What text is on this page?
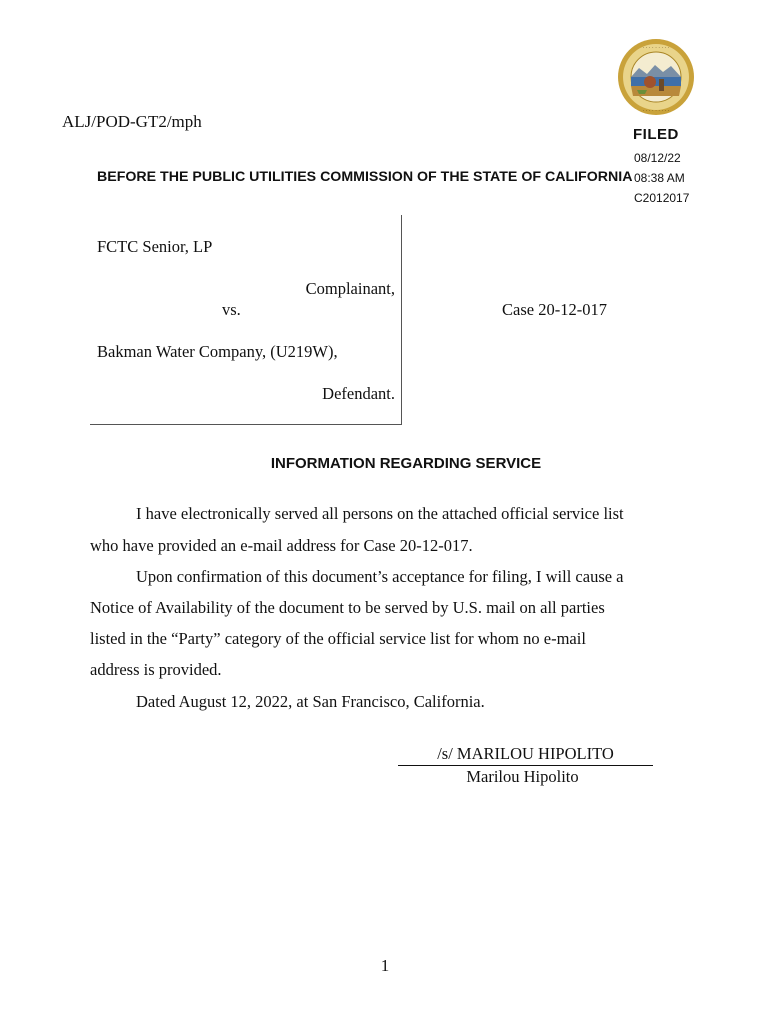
· · · · · · · · ·
· · · · · · · · ·
ALJ/POD-GT2/mph
FILED
08/12/22
08:38 AM
C2012017
BEFORE THE PUBLIC UTILITIES COMMISSION OF THE STATE OF CALIFORNIA
FCTC Senior, LP
Complainant,
vs.	Case 20-12-017
Bakman Water Company, (U219W),
Defendant.
INFORMATION REGARDING SERVICE
I have electronically served all persons on the attached official service list
who have provided an e-mail address for Case 20-12-017.
Upon confirmation of this document’s acceptance for filing, I will cause a
Notice of Availability of the document to be served by U.S. mail on all parties
listed in the “Party” category of the official service list for whom no e-mail
address is provided.
Dated August 12, 2022, at San Francisco, California.
/s/ MARILOU HIPOLITO
Marilou Hipolito
1
